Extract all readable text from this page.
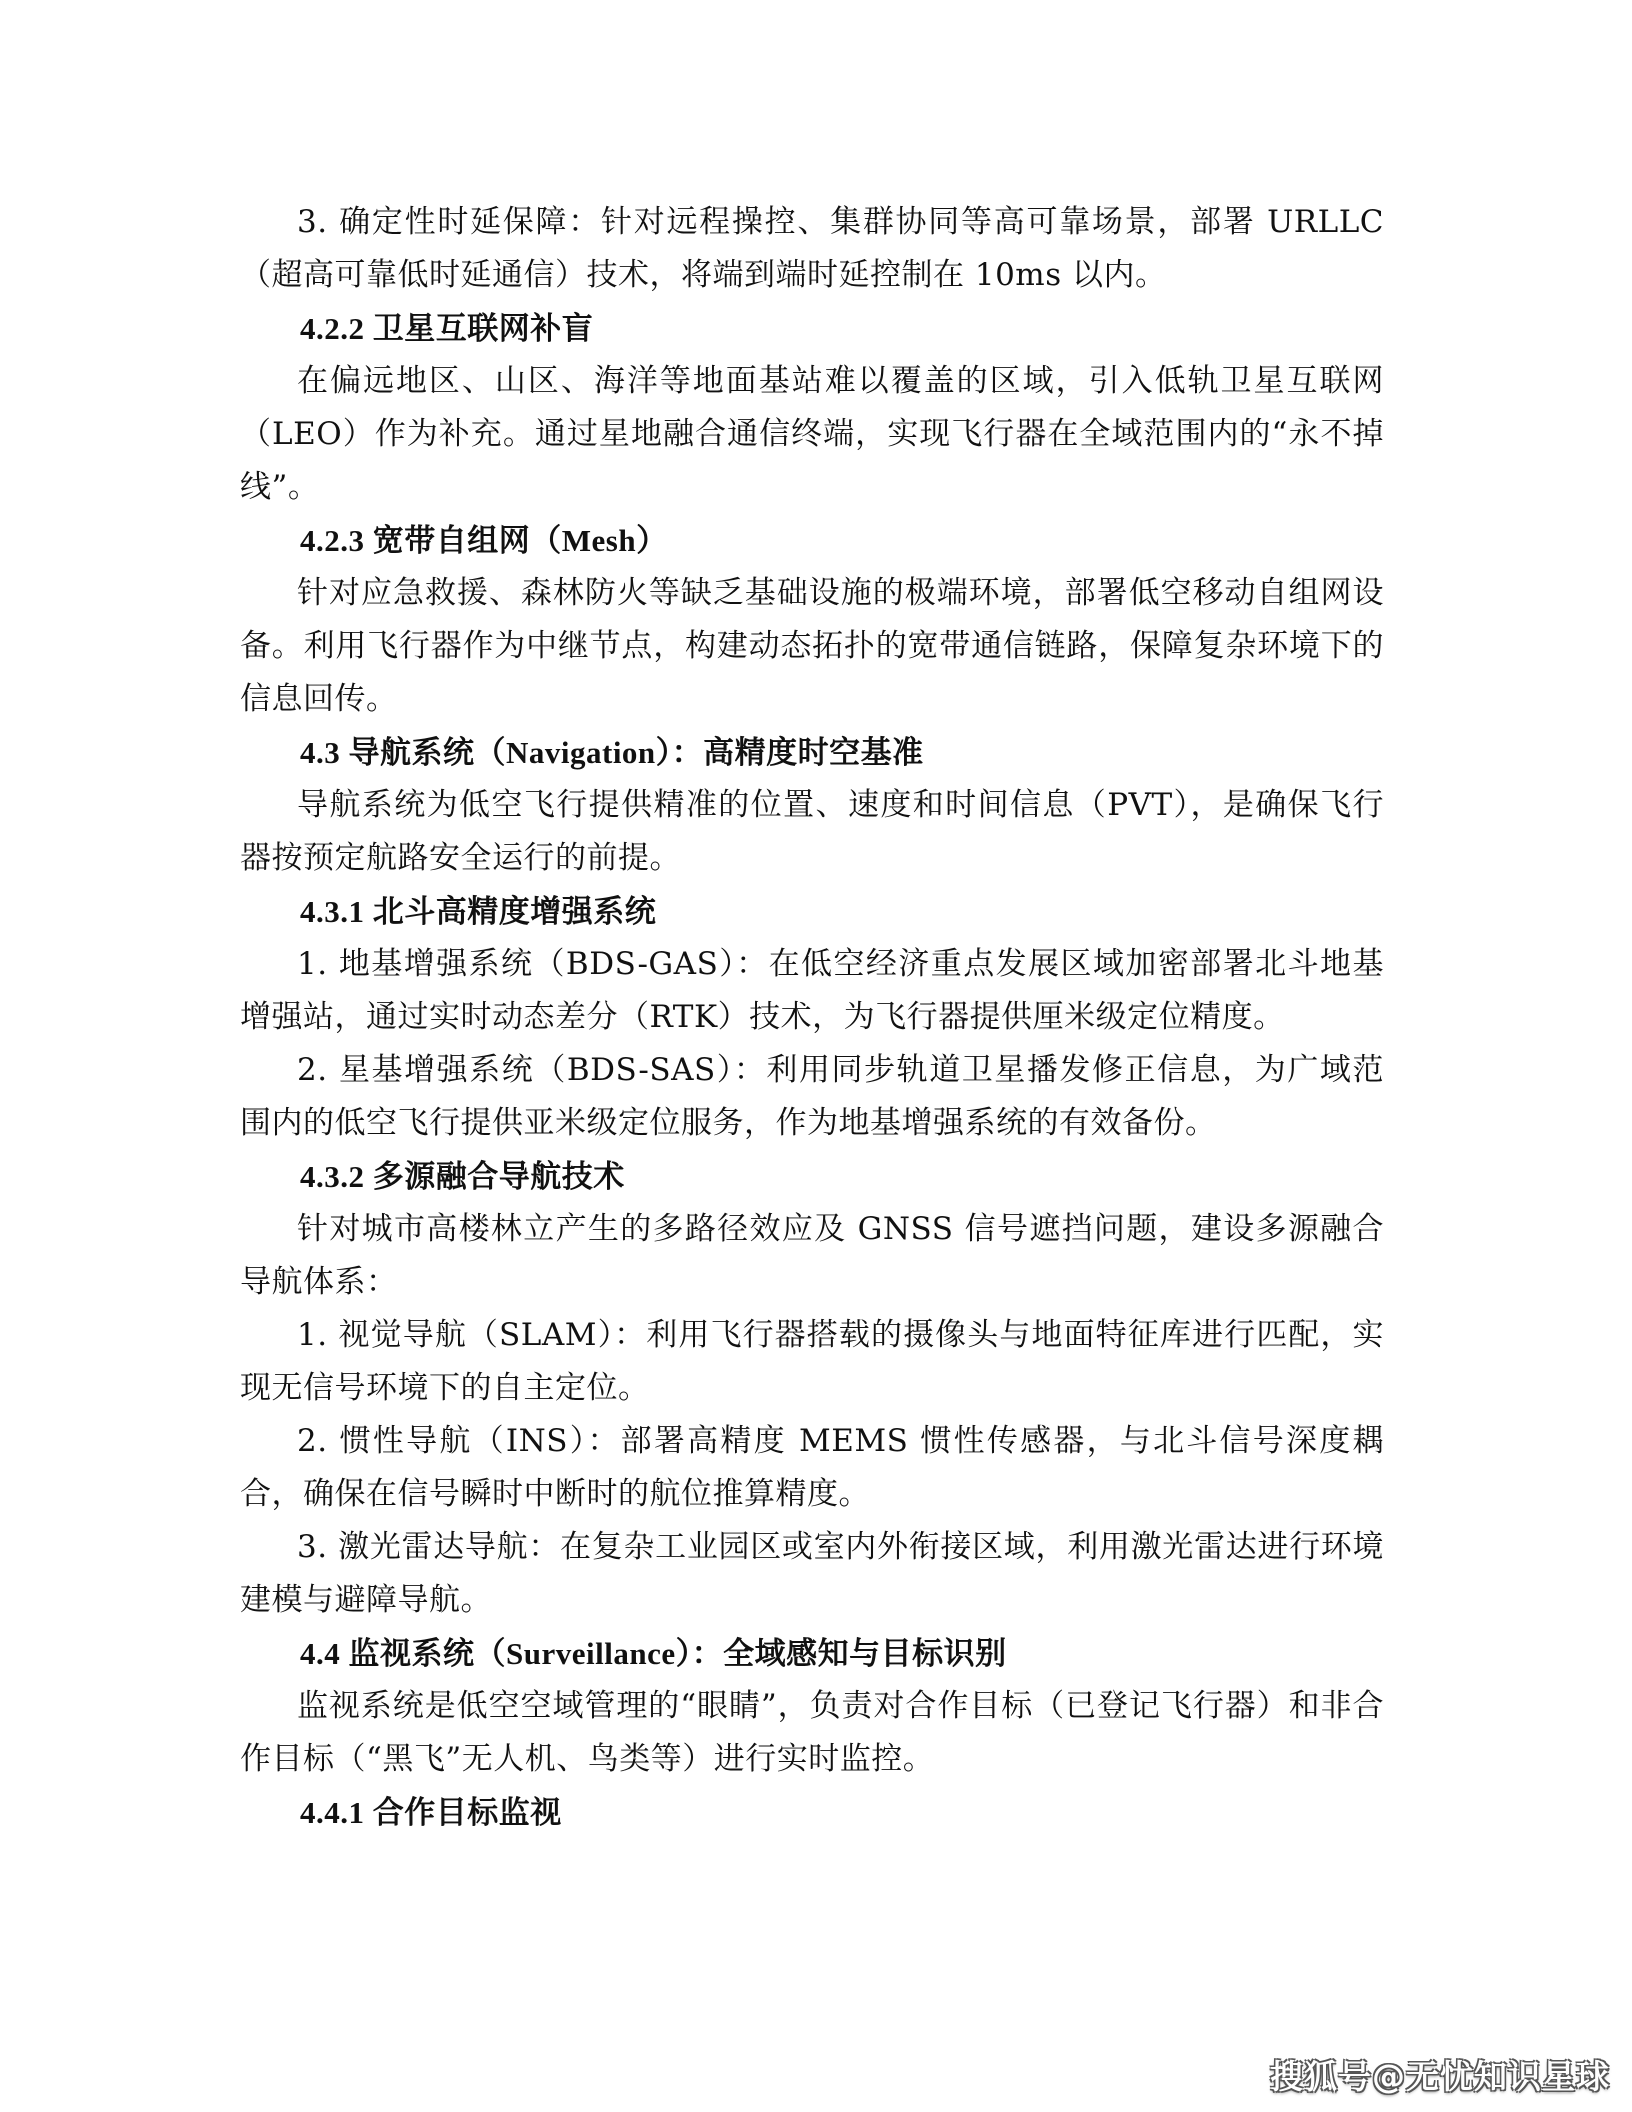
3. 确定性时延保障：针对远程操控、集群协同等高可靠场景，部署 URLLC（超高可靠低时延通信）技术，将端到端时延控制在 10ms 以内。

4.2.2 卫星互联网补盲

在偏远地区、山区、海洋等地面基站难以覆盖的区域，引入低轨卫星互联网（LEO）作为补充。通过星地融合通信终端，实现飞行器在全域范围内的“永不掉线”。

4.2.3 宽带自组网（Mesh）

针对应急救援、森林防火等缺乏基础设施的极端环境，部署低空移动自组网设备。利用飞行器作为中继节点，构建动态拓扑的宽带通信链路，保障复杂环境下的信息回传。

4.3 导航系统（Navigation）：高精度时空基准

导航系统为低空飞行提供精准的位置、速度和时间信息（PVT），是确保飞行器按预定航路安全运行的前提。

4.3.1 北斗高精度增强系统

1. 地基增强系统（BDS-GAS）：在低空经济重点发展区域加密部署北斗地基增强站，通过实时动态差分（RTK）技术，为飞行器提供厘米级定位精度。

2. 星基增强系统（BDS-SAS）：利用同步轨道卫星播发修正信息，为广域范围内的低空飞行提供亚米级定位服务，作为地基增强系统的有效备份。

4.3.2 多源融合导航技术

针对城市高楼林立产生的多路径效应及 GNSS 信号遮挡问题，建设多源融合导航体系：

1. 视觉导航（SLAM）：利用飞行器搭载的摄像头与地面特征库进行匹配，实现无信号环境下的自主定位。

2. 惯性导航（INS）：部署高精度 MEMS 惯性传感器，与北斗信号深度耦合，确保在信号瞬时中断时的航位推算精度。

3. 激光雷达导航：在复杂工业园区或室内外衔接区域，利用激光雷达进行环境建模与避障导航。

4.4 监视系统（Surveillance）：全域感知与目标识别

监视系统是低空空域管理的“眼睛”，负责对合作目标（已登记飞行器）和非合作目标（“黑飞”无人机、鸟类等）进行实时监控。

4.4.1 合作目标监视

搜狐号@无忧知识星球
